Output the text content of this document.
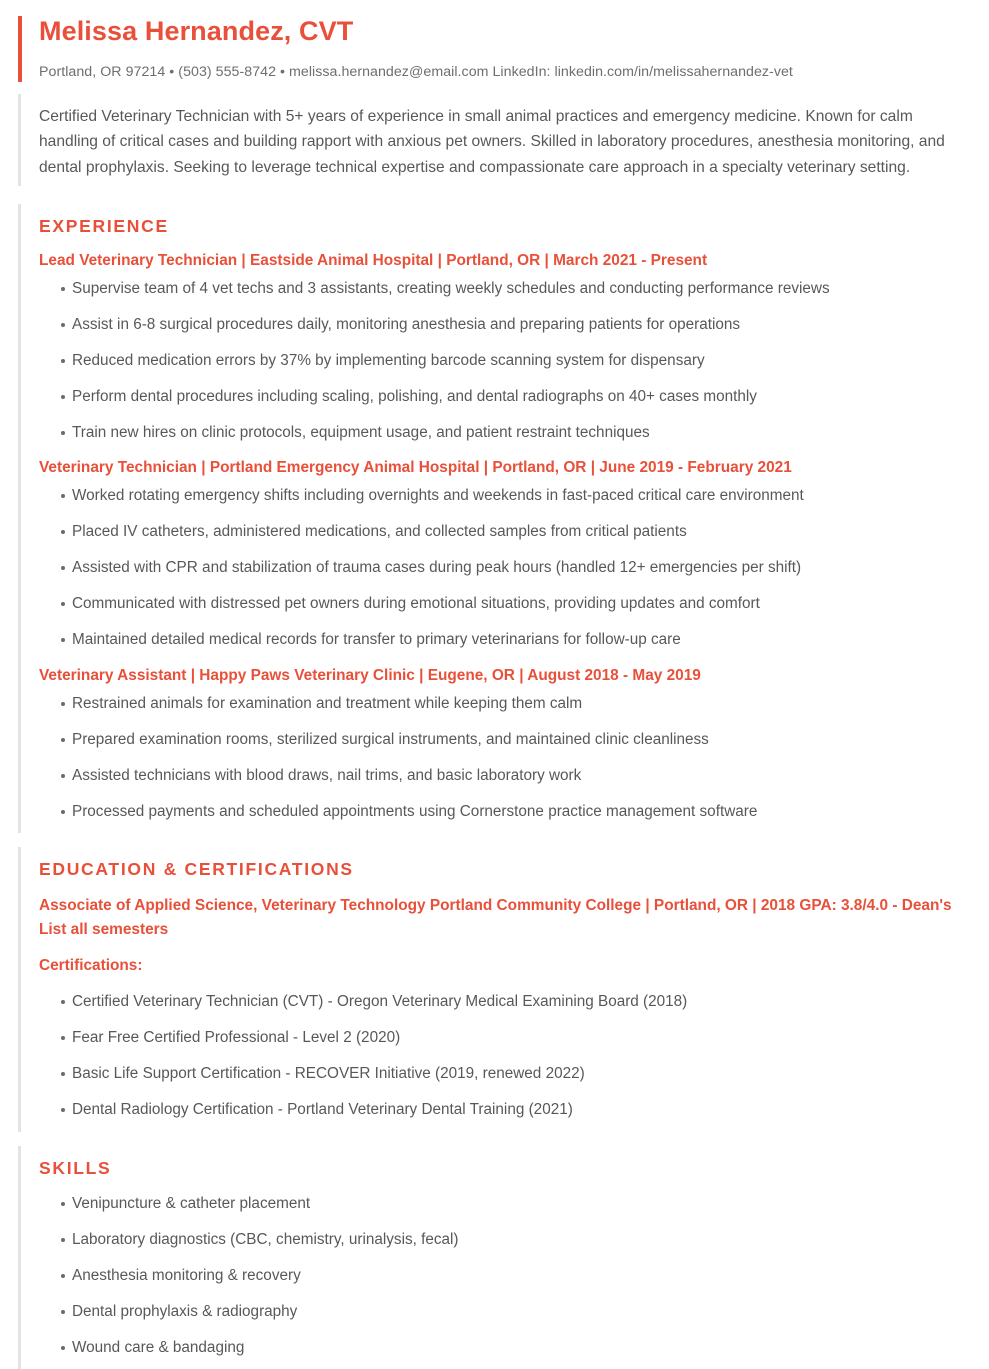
Melissa Hernandez, CVT

Portland, OR 97214 • (503) 555-8742 • melissa.hernandez@email.com LinkedIn: linkedin.com/in/melissahernandez-vet

Certified Veterinary Technician with 5+ years of experience in small animal practices and emergency medicine. Known for calm handling of critical cases and building rapport with anxious pet owners. Skilled in laboratory procedures, anesthesia monitoring, and dental prophylaxis. Seeking to leverage technical expertise and compassionate care approach in a specialty veterinary setting.

EXPERIENCE
Lead Veterinary Technician | Eastside Animal Hospital | Portland, OR | March 2021 - Present
Supervise team of 4 vet techs and 3 assistants, creating weekly schedules and conducting performance reviews
Assist in 6-8 surgical procedures daily, monitoring anesthesia and preparing patients for operations
Reduced medication errors by 37% by implementing barcode scanning system for dispensary
Perform dental procedures including scaling, polishing, and dental radiographs on 40+ cases monthly
Train new hires on clinic protocols, equipment usage, and patient restraint techniques
Veterinary Technician | Portland Emergency Animal Hospital | Portland, OR | June 2019 - February 2021
Worked rotating emergency shifts including overnights and weekends in fast-paced critical care environment
Placed IV catheters, administered medications, and collected samples from critical patients
Assisted with CPR and stabilization of trauma cases during peak hours (handled 12+ emergencies per shift)
Communicated with distressed pet owners during emotional situations, providing updates and comfort
Maintained detailed medical records for transfer to primary veterinarians for follow-up care
Veterinary Assistant | Happy Paws Veterinary Clinic | Eugene, OR | August 2018 - May 2019
Restrained animals for examination and treatment while keeping them calm
Prepared examination rooms, sterilized surgical instruments, and maintained clinic cleanliness
Assisted technicians with blood draws, nail trims, and basic laboratory work
Processed payments and scheduled appointments using Cornerstone practice management software
EDUCATION & CERTIFICATIONS

Associate of Applied Science, Veterinary Technology Portland Community College | Portland, OR | 2018 GPA: 3.8/4.0 - Dean's List all semesters

Certifications:

Certified Veterinary Technician (CVT) - Oregon Veterinary Medical Examining Board (2018)
Fear Free Certified Professional - Level 2 (2020)
Basic Life Support Certification - RECOVER Initiative (2019, renewed 2022)
Dental Radiology Certification - Portland Veterinary Dental Training (2021)
SKILLS
Venipuncture & catheter placement
Laboratory diagnostics (CBC, chemistry, urinalysis, fecal)
Anesthesia monitoring & recovery
Dental prophylaxis & radiography
Wound care & bandaging
